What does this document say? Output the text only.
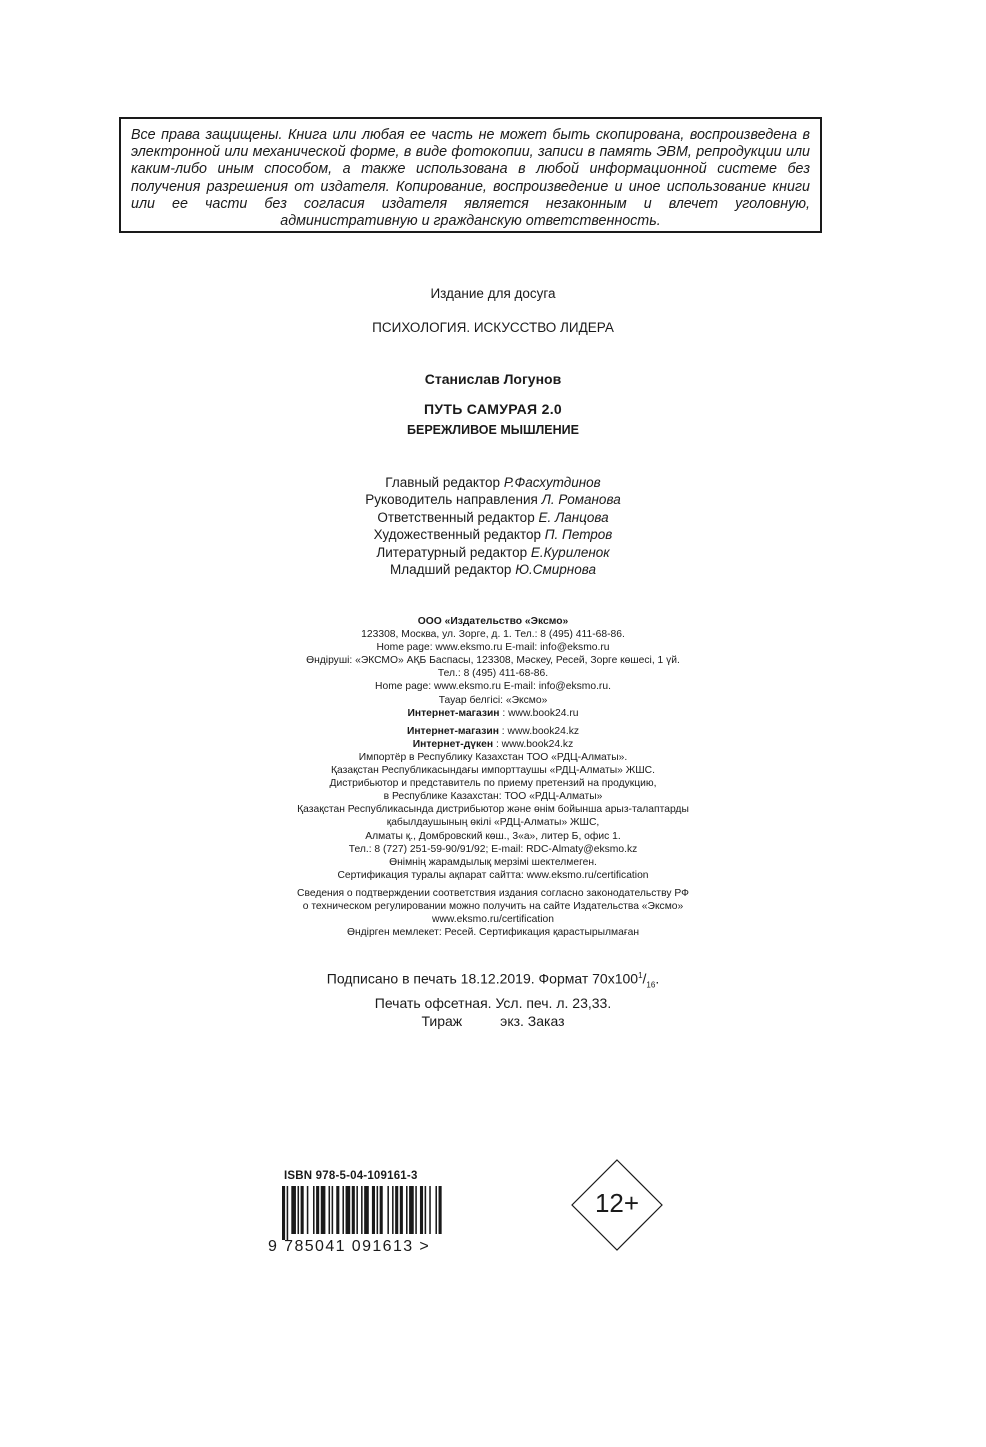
Все права защищены. Книга или любая ее часть не может быть скопирована, воспроизведена в электронной или механической форме, в виде фотокопии, записи в память ЭВМ, репродукции или каким-либо иным способом, а также использована в любой информационной системе без получения разрешения от издателя. Копирование, воспроизведение и иное использование книги или ее части без согласия издателя является незаконным и влечет уголовную, административную и гражданскую ответственность.

Издание для досуга
ПСИХОЛОГИЯ. ИСКУССТВО ЛИДЕРА
Станислав Логунов
ПУТЬ САМУРАЯ 2.0
БЕРЕЖЛИВОЕ МЫШЛЕНИЕ
Главный редактор Р.Фасхутдинов
Руководитель направления Л. Романова
Ответственный редактор Е. Ланцова
Художественный редактор П. Петров
Литературный редактор Е.Куриленок
Младший редактор Ю.Смирнова
ООО «Издательство «Эксмо»
123308, Москва, ул. Зорге, д. 1. Тел.: 8 (495) 411-68-86.
Home page: www.eksmo.ru E-mail: info@eksmo.ru
Өндіруші: «ЭКСМО» АҚБ Баспасы, 123308, Мәскеу, Ресей, Зорге көшесі, 1 үй.
Тел.: 8 (495) 411-68-86.
Home page: www.eksmo.ru E-mail: info@eksmo.ru.
Тауар белгісі: «Эксмо»
Интернет-магазин : www.book24.ru
Интернет-магазин : www.book24.kz
Интернет-дүкен : www.book24.kz
Импортёр в Республику Казахстан ТОО «РДЦ-Алматы».
Қазақстан Республикасындағы импорттаушы «РДЦ-Алматы» ЖШС.
Дистрибьютор и представитель по приему претензий на продукцию,
в Республике Казахстан: ТОО «РДЦ-Алматы»
Қазақстан Республикасында дистрибьютор және өнім бойынша арыз-талаптарды
қабылдаушының өкілі «РДЦ-Алматы» ЖШС,
Алматы қ., Домбровский көш., 3«а», литер Б, офис 1.
Тел.: 8 (727) 251-59-90/91/92; E-mail: RDC-Almaty@eksmo.kz
Өнімнің жарамдылық мерзімі шектелмеген.
Сертификация туралы ақпарат сайтта: www.eksmo.ru/certification
Сведения о подтверждении соответствия издания согласно законодательству РФ
о техническом регулировании можно получить на сайте Издательства «Эксмо»
www.eksmo.ru/certification
Өндірген мемлекет: Ресей. Сертификация қарастырылмаған
Подписано в печать 18.12.2019. Формат $70х100^1/_{16}$.
Печать офсетная. Усл. печ. л. 23,33.
Тираж	экз. Заказ
ISBN 978-5-04-109161-3
9 785041 091613 >
12+
